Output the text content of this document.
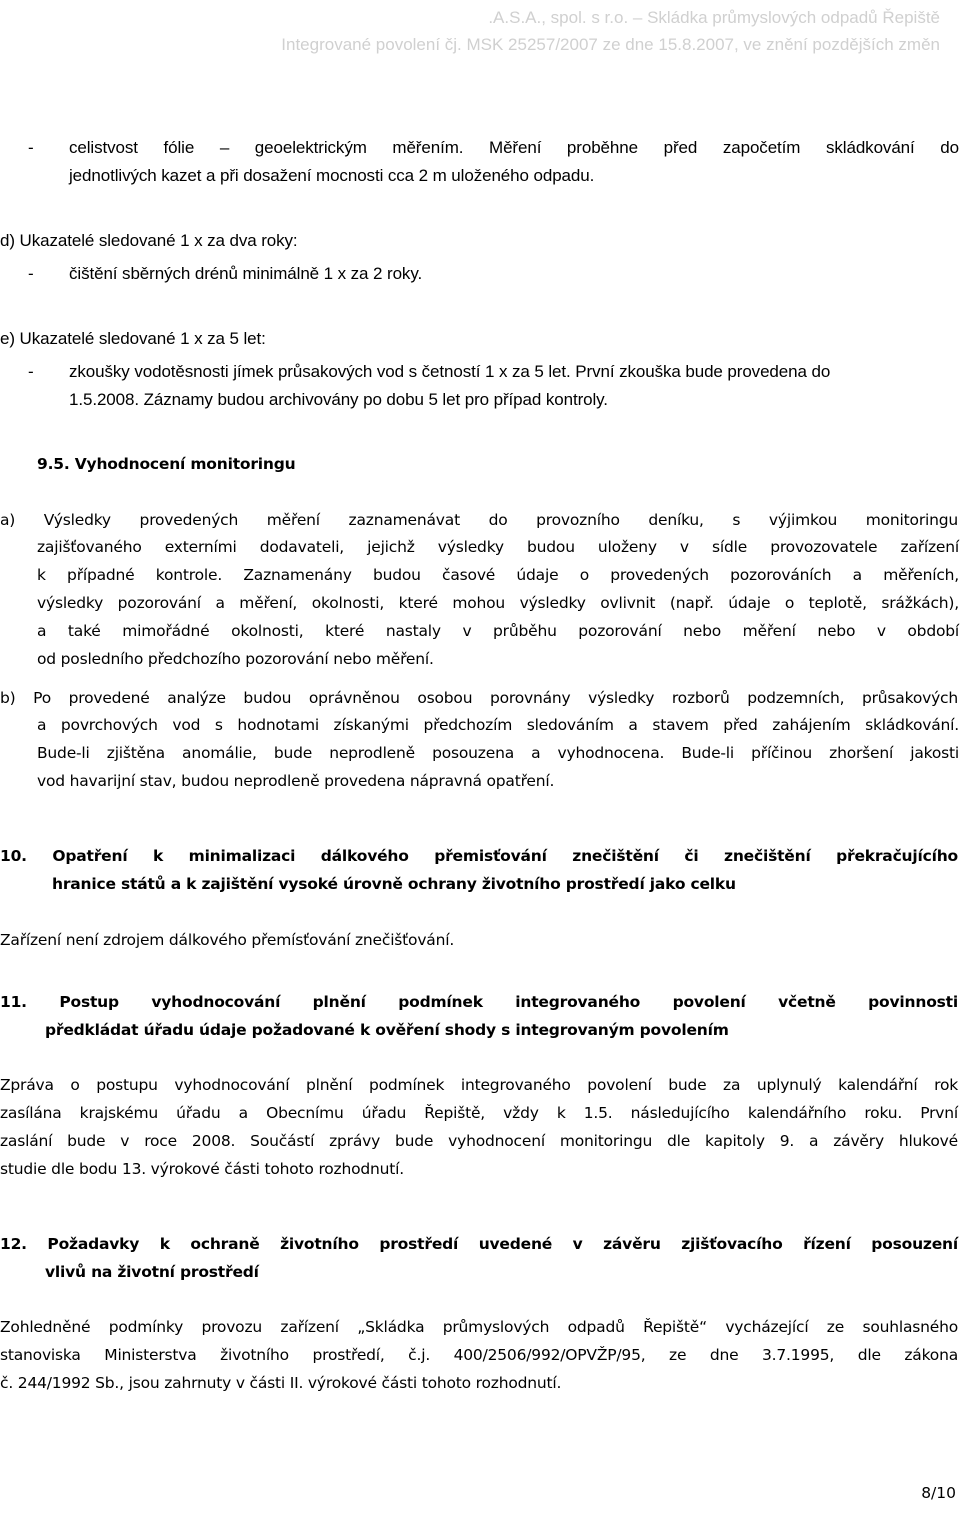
.A.S.A., spol. s r.o. – Skládka průmyslových odpadů Řepiště
Integrované povolení čj. MSK 25257/2007 ze dne 15.8.2007, ve znění pozdějších změn
- celistvost fólie – geoelektrickým měřením. Měření proběhne před započetím skládkování do
jednotlivých kazet a při dosažení mocnosti cca 2 m uloženého odpadu.
d) Ukazatelé sledované 1 x za dva roky:
- čištění sběrných drénů minimálně 1 x za 2 roky.
e) Ukazatelé sledované 1 x za 5 let:
- zkoušky vodotěsnosti jímek průsakových vod s četností 1 x za 5 let. První zkouška bude provedena do
1.5.2008. Záznamy budou archivovány po dobu 5 let pro případ kontroly.
9.5. Vyhodnocení monitoringu
a) Výsledky provedených měření zaznamenávat do provozního deníku, s výjimkou monitoringu
zajišťovaného externími dodavateli, jejichž výsledky budou uloženy v sídle provozovatele zařízení
k případné kontrole. Zaznamenány budou časové údaje o provedených pozorováních a měřeních,
výsledky pozorování a měření, okolnosti, které mohou výsledky ovlivnit (např. údaje o teplotě, srážkách),
a také mimořádné okolnosti, které nastaly v průběhu pozorování nebo měření nebo v období
od posledního předchozího pozorování nebo měření.
b) Po provedené analýze budou oprávněnou osobou porovnány výsledky rozborů podzemních, průsakových
a povrchových vod s hodnotami získanými předchozím sledováním a stavem před zahájením skládkování.
Bude-li zjištěna anomálie, bude neprodleně posouzena a vyhodnocena. Bude-li příčinou zhoršení jakosti
vod havarijní stav, budou neprodleně provedena nápravná opatření.
10. Opatření k minimalizaci dálkového přemisťování znečištění či znečištění překračujícího
hranice států a k zajištění vysoké úrovně ochrany životního prostředí jako celku
Zařízení není zdrojem dálkového přemísťování znečišťování.
11. Postup vyhodnocování plnění podmínek integrovaného povolení včetně povinnosti
předkládat úřadu údaje požadované k ověření shody s integrovaným povolením
Zpráva o postupu vyhodnocování plnění podmínek integrovaného povolení bude za uplynulý kalendářní rok
zasílána krajskému úřadu a Obecnímu úřadu Řepiště, vždy k 1.5. následujícího kalendářního roku. První
zaslání bude v roce 2008. Součástí zprávy bude vyhodnocení monitoringu dle kapitoly 9. a závěry hlukové
studie dle bodu 13. výrokové části tohoto rozhodnutí.
12. Požadavky k ochraně životního prostředí uvedené v závěru zjišťovacího řízení posouzení
vlivů na životní prostředí
Zohledněné podmínky provozu zařízení „Skládka průmyslových odpadů Řepiště“ vycházející ze souhlasného
stanoviska Ministerstva životního prostředí, č.j. 400/2506/992/OPVŽP/95, ze dne 3.7.1995, dle zákona
č. 244/1992 Sb., jsou zahrnuty v části II. výrokové části tohoto rozhodnutí.
8/10
